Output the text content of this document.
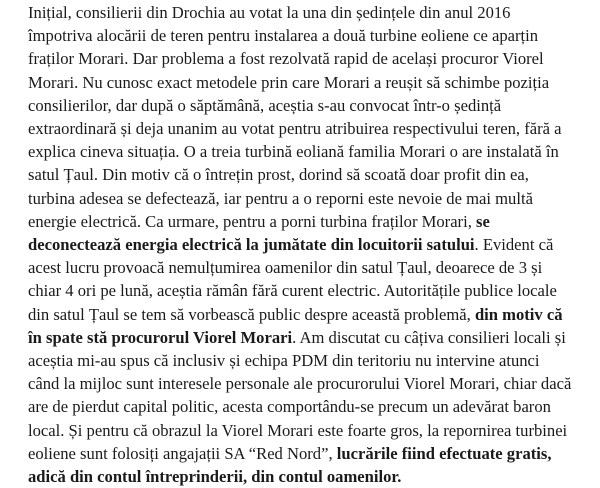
Inițial, consilierii din Drochia au votat la una din ședințele din anul 2016 împotriva alocării de teren pentru instalarea a două turbine eoliene ce aparțin fraților Morari. Dar problema a fost rezolvată rapid de același procuror Viorel Morari. Nu cunosc exact metodele prin care Morari a reușit să schimbe poziția consilierilor, dar după o săptămână, aceștia s-au convocat într-o ședință extraordinară și deja unanim au votat pentru atribuirea respectivului teren, fără a explica cineva situația. O a treia turbină eoliană familia Morari o are instalată în satul Țaul. Din motiv că o întrețin prost, dorind să scoată doar profit din ea, turbina adesea se defectează, iar pentru a o reporni este nevoie de mai multă energie electrică. Ca urmare, pentru a porni turbina fraților Morari, se deconectează energia electrică la jumătate din locuitorii satului. Evident că acest lucru provoacă nemulțumirea oamenilor din satul Țaul, deoarece de 3 și chiar 4 ori pe lună, aceștia rămân fără curent electric. Autoritățile publice locale din satul Țaul se tem să vorbească public despre această problemă, din motiv că în spate stă procurorul Viorel Morari. Am discutat cu câțiva consilieri locali și aceștia mi-au spus că inclusiv și echipa PDM din teritoriu nu intervine atunci când la mijloc sunt interesele personale ale procurorului Viorel Morari, chiar dacă are de pierdut capital politic, acesta comportându-se precum un adevărat baron local. Și pentru că obrazul la Viorel Morari este foarte gros, la repornirea turbinei eoliene sunt folosiți angajații SA “Red Nord”, lucrările fiind efectuate gratis, adică din contul întreprinderii, din contul oamenilor.
